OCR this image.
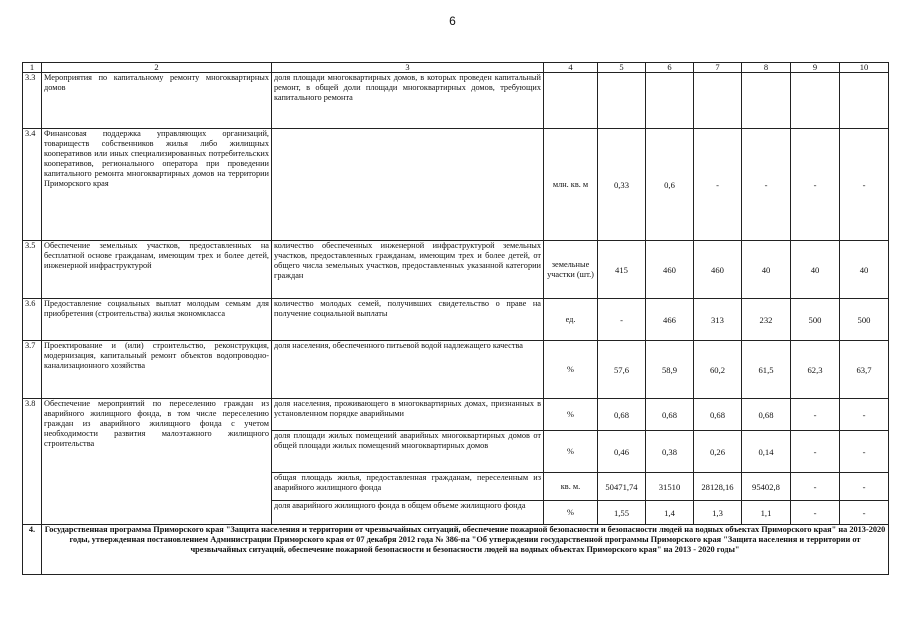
6
1	2	3	4	5	6	7	8	9	10
3.3	Мероприятия по капитальному ремонту многоквартирных домов	доля площади многоквартирных домов, в которых проведен капитальный ремонт, в общей доли площади многоквартирных домов, требующих капитального ремонта							
3.4	Финансовая поддержка управляющих организаций, товариществ собственников жилья либо жилищных кооперативов или иных специализированных потребительских кооперативов, регионального оператора при проведении капитального ремонта многоквартирных домов на территории Приморского края		млн. кв. м	0,33	0,6	-	-	-	-
3.5	Обеспечение земельных участков, предоставленных на бесплатной основе гражданам, имеющим трех и более детей, инженерной инфраструктурой	количество обеспеченных инженерной инфраструктурой земельных участков, предоставленных гражданам, имеющим трех и более детей, от общего числа земельных участков, предоставленных указанной категории граждан	земельные участки (шт.)	415	460	460	40	40	40
3.6	Предоставление социальных выплат молодым семьям для приобретения (строительства) жилья экономкласса	количество молодых семей, получивших свидетельство о праве на получение социальной выплаты	ед.	-	466	313	232	500	500
3.7	Проектирование и (или) строительство, реконструкция, модернизация, капитальный ремонт объектов водопроводно-канализационного хозяйства	доля населения, обеспеченного питьевой водой надлежащего качества	%	57,6	58,9	60,2	61,5	62,3	63,7
3.8	Обеспечение мероприятий по переселению граждан из аварийного жилищного фонда, в том числе переселению граждан из аварийного жилищного фонда с учетом необходимости развития малоэтажного жилищного строительства	доля населения, проживающего в многоквартирных домах, признанных в установленном порядке аварийными	%	0,68	0,68	0,68	0,68	-	-
		доля площади жилых помещений аварийных многоквартирных домов от общей площади жилых помещений многоквартирных домов	%	0,46	0,38	0,26	0,14	-	-
		общая площадь жилья, предоставленная гражданам, переселенным из аварийного жилищного фонда	кв. м.	50471,74	31510	28128,16	95402,8	-	-
		доля аварийного жилищного фонда в общем объеме жилищного фонда	%	1,55	1,4	1,3	1,1	-	-
4.	Государственная программа Приморского края "Защита населения и территории от чрезвычайных ситуаций, обеспечение пожарной безопасности и безопасности людей на водных объектах Приморского края" на 2013-2020 годы, утвержденная постановлением Администрации Приморского края от 07 декабря 2012 года № 386-па "Об утверждении государственной программы Приморского края "Защита населения и территории от чрезвычайных ситуаций, обеспечение пожарной безопасности и безопасности людей на водных объектах Приморского края" на 2013 - 2020 годы"								
